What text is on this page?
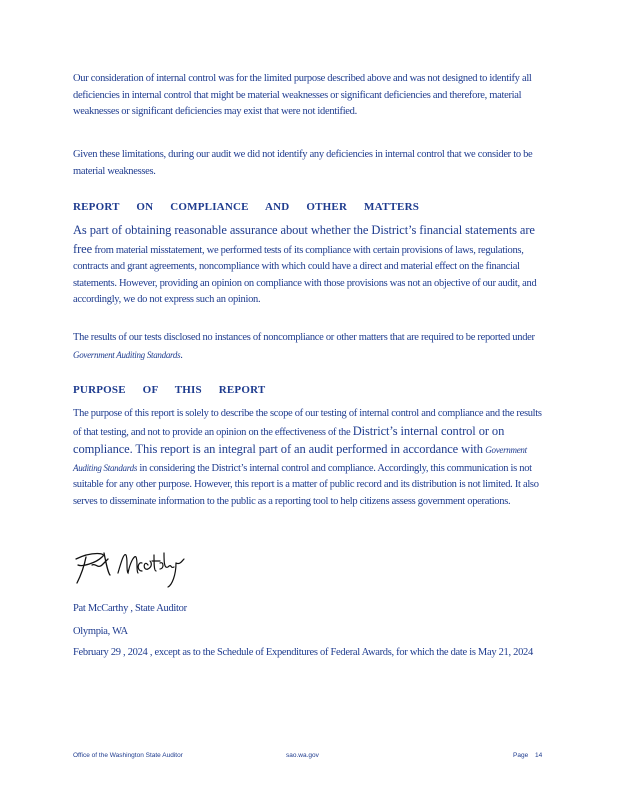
Our consideration of internal control was for the limited purpose described above and was not designed to identify all deficiencies in internal control that might be material weaknesses or significant deficiencies and therefore, material weaknesses or significant deficiencies may exist that were not identified.

Given these limitations, during our audit we did not identify any deficiencies in internal control that we consider to be material weaknesses.

REPORT ON COMPLIANCE AND OTHER MATTERS

As part of obtaining reasonable assurance about whether the District’s financial statements are free from material misstatement, we performed tests of its compliance with certain provisions of laws, regulations, contracts and grant agreements, noncompliance with which could have a direct and material effect on the financial statements. However, providing an opinion on compliance with those provisions was not an objective of our audit, and accordingly, we do not express such an opinion.

The results of our tests disclosed no instances of noncompliance or other matters that are required to be reported under Government Auditing Standards.

PURPOSE OF THIS REPORT

The purpose of this report is solely to describe the scope of our testing of internal control and compliance and the results of that testing, and not to provide an opinion on the effectiveness of the District’s internal control or on compliance. This report is an integral part of an audit performed in accordance with Government Auditing Standards in considering the District’s internal control and compliance. Accordingly, this communication is not suitable for any other purpose. However, this report is a matter of public record and its distribution is not limited. It also serves to disseminate information to the public as a reporting tool to help citizens assess government operations.

Pat McCarthy , State Auditor

Olympia, WA

February 29 , 2024 , except as to the Schedule of Expenditures of Federal Awards, for which the date is May 21, 2024

Office of the Washington State Auditor	sao.wa.gov	Page 14
